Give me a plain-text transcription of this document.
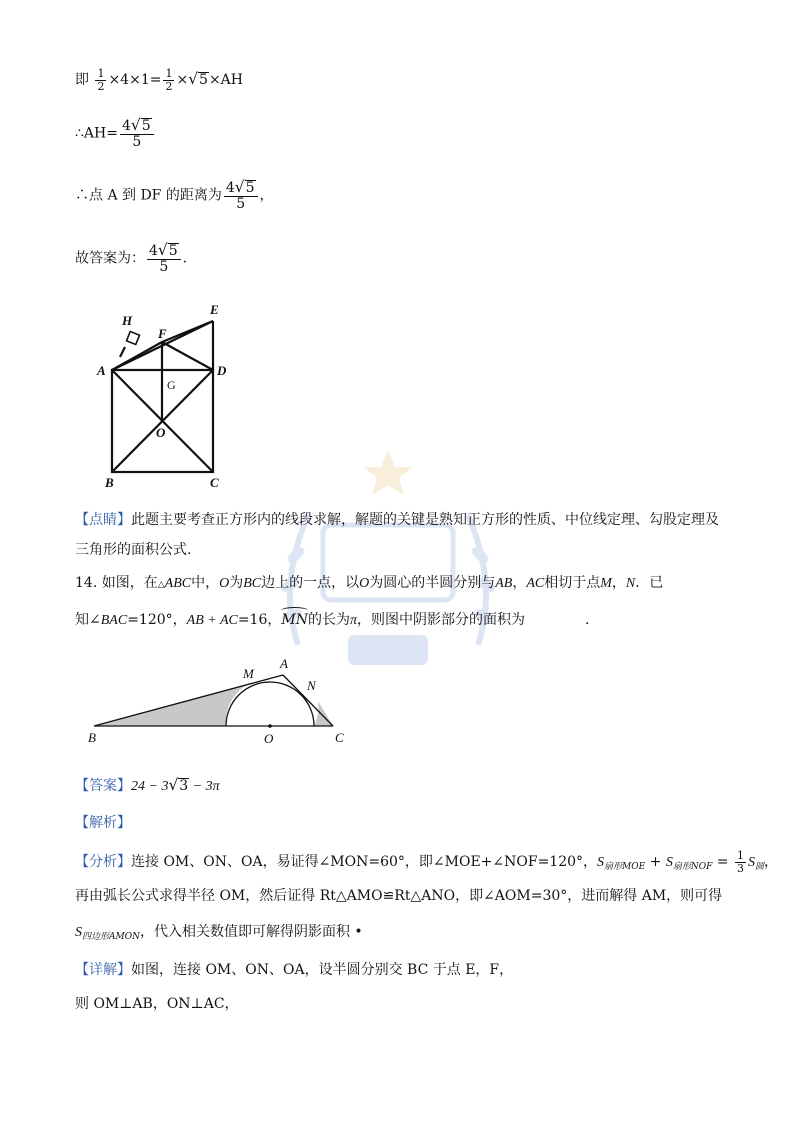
即 $\frac{1}{2} \times 4\times 1= \frac{1}{2}$ × √ 5 ×AH
∴AH= $\frac{4 √ 5}{5}$
∴点 A 到 DF 的距离为 $\frac{4 √ 5}{5}$ ，
故答案为： $\frac{4 √ 5}{5}$ .
H
F
E
A	D
O
B	C
G
【点睛】此题主要考查正方形内的线段求解，解题的关键是熟知正方形的性质、中位线定理、勾股定理及
三角形的面积公式.
14. 如图，在△ABC中，O为BC边上的一点，以O为圆心的半圆分别与AB，AC相切于点M，N．已
知∠BAC=120°，AB + AC=16，MN的长为π，则图中阴影部分的面积为	．
M
A
N
B	O	C
【答案】24 − 3 √ 3 − 3π
【解析】
【分析】连接 OM、ON、OA，易证得∠MON=60°，即∠MOE+∠NOF=120°，$S_{扇形MOE} + S_{扇形NOF} = \frac{1}{3} S_圆$，
再由弧长公式求得半径 OM，然后证得 Rt△AMO≌Rt△ANO，即∠AOM=30°，进而解得 AM，则可得
$S_{四边形AMON}$，代入相关数值即可解得阴影面积 •
【详解】如图，连接 OM、ON、OA，设半圆分别交 BC 于点 E，F，
则 OM⊥AB，ON⊥AC，
